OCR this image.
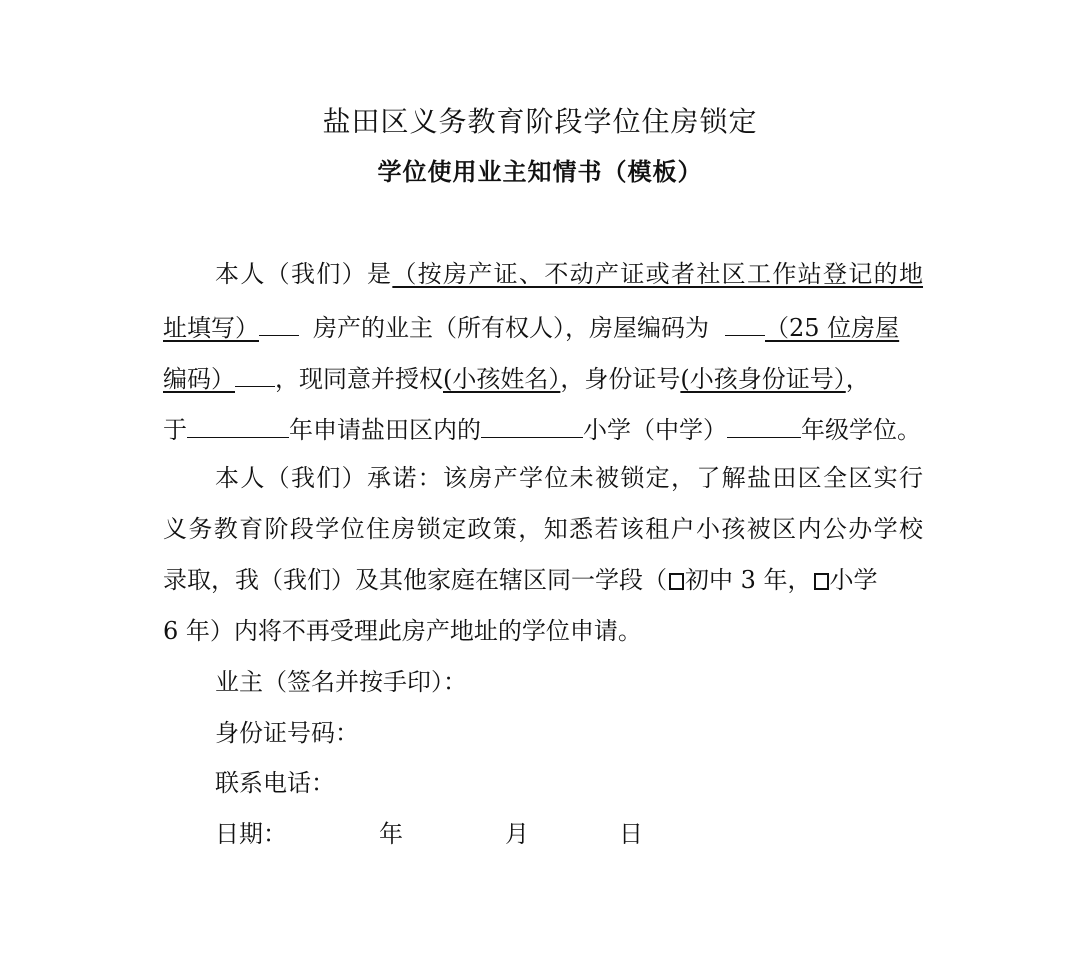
盐田区义务教育阶段学位住房锁定
学位使用业主知情书（模板）
本人（我们）是（按房产证、不动产证或者社区工作站登记的地
址填写） 房产的业主（所有权人），房屋编码为 （25 位房屋
编码） ，现同意并授权(小孩姓名），身份证号(小孩身份证号），
于	年申请盐田区内的	小学（中学）	年级学位。
本人（我们）承诺：该房产学位未被锁定，了解盐田区全区实行
义务教育阶段学位住房锁定政策，知悉若该租户小孩被区内公办学校
录取，我（我们）及其他家庭在辖区同一学段（ 初中 3 年， 小学
6 年）内将不再受理此房产地址的学位申请。
业主（签名并按手印）：
身份证号码：
联系电话：
日期：	年	月	日
